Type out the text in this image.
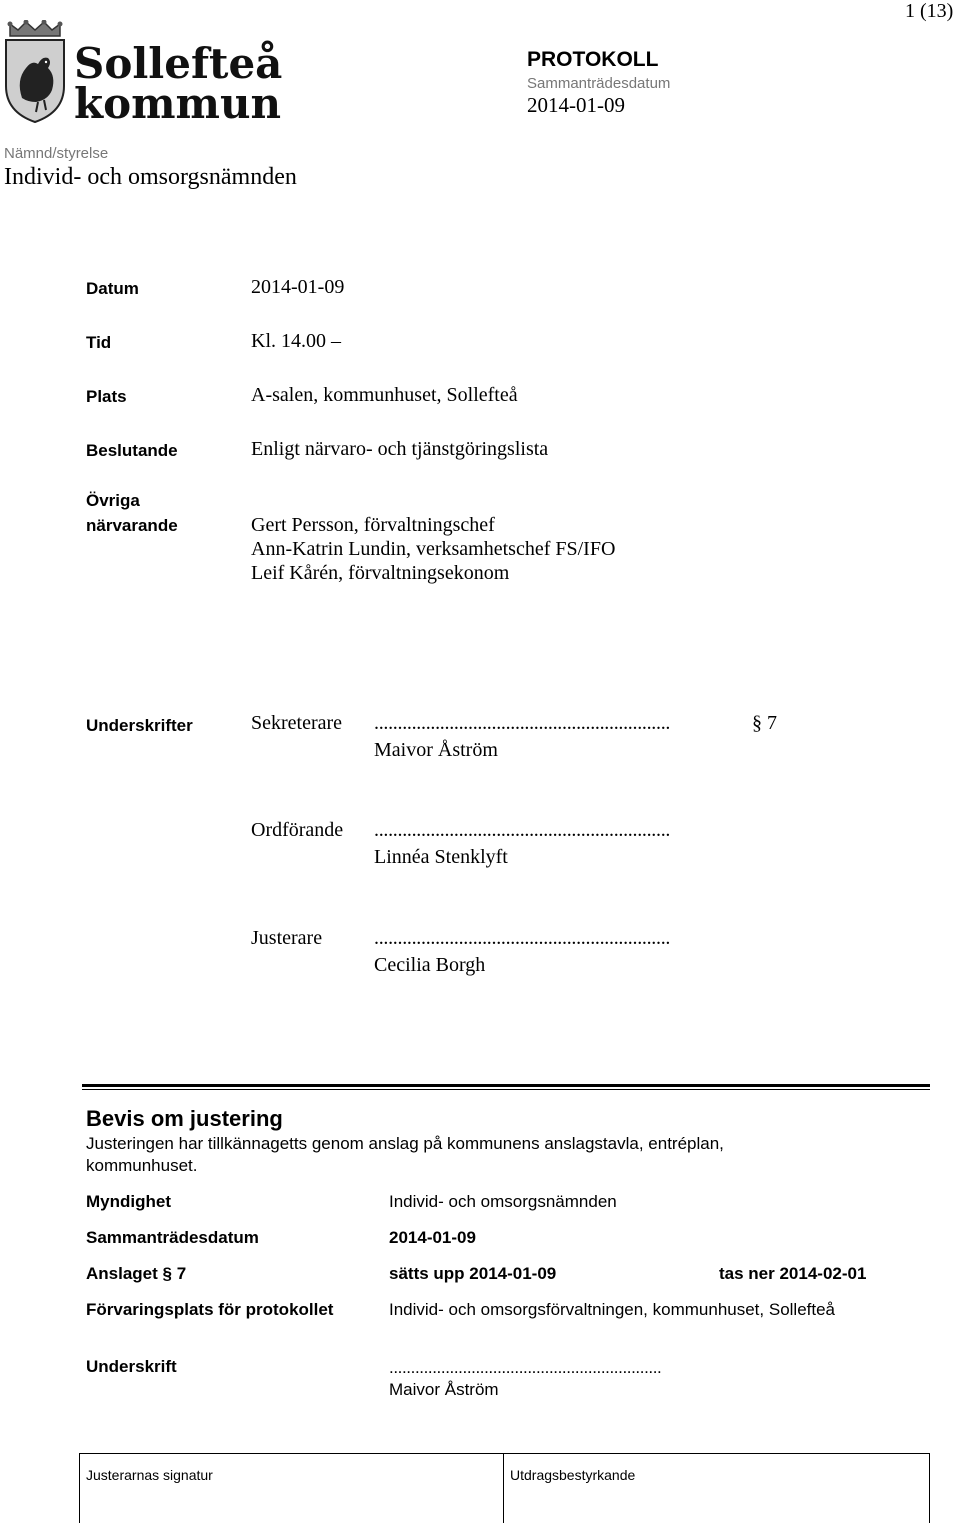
1 (13)
Sollefteå
kommun
PROTOKOLL
Sammanträdesdatum
2014-01-09
Nämnd/styrelse
Individ- och omsorgsnämnden
Datum	2014-01-09
Tid	Kl. 14.00 –
Plats	A-salen, kommunhuset, Sollefteå
Beslutande	Enligt närvaro- och tjänstgöringslista
Övriga
närvarande	Gert Persson, förvaltningschef
Ann-Katrin Lundin, verksamhetschef FS/IFO
Leif Kårén, förvaltningsekonom
Underskrifter	Sekreterare ...............................................................	§ 7
Maivor Åström
Ordförande ...............................................................
Linnéa Stenklyft
Justerare	...............................................................
Cecilia Borgh
Bevis om justering
Justeringen har tillkännagetts genom anslag på kommunens anslagstavla, entréplan,
kommunhuset.
Myndighet	Individ- och omsorgsnämnden
Sammanträdesdatum	2014-01-09
Anslaget § 7	sätts upp 2014-01-09	tas ner 2014-02-01
Förvaringsplats för protokollet	Individ- och omsorgsförvaltningen, kommunhuset, Sollefteå
Underskrift	...............................................................
Maivor Åström
Justerarnas signatur	Utdragsbestyrkande
